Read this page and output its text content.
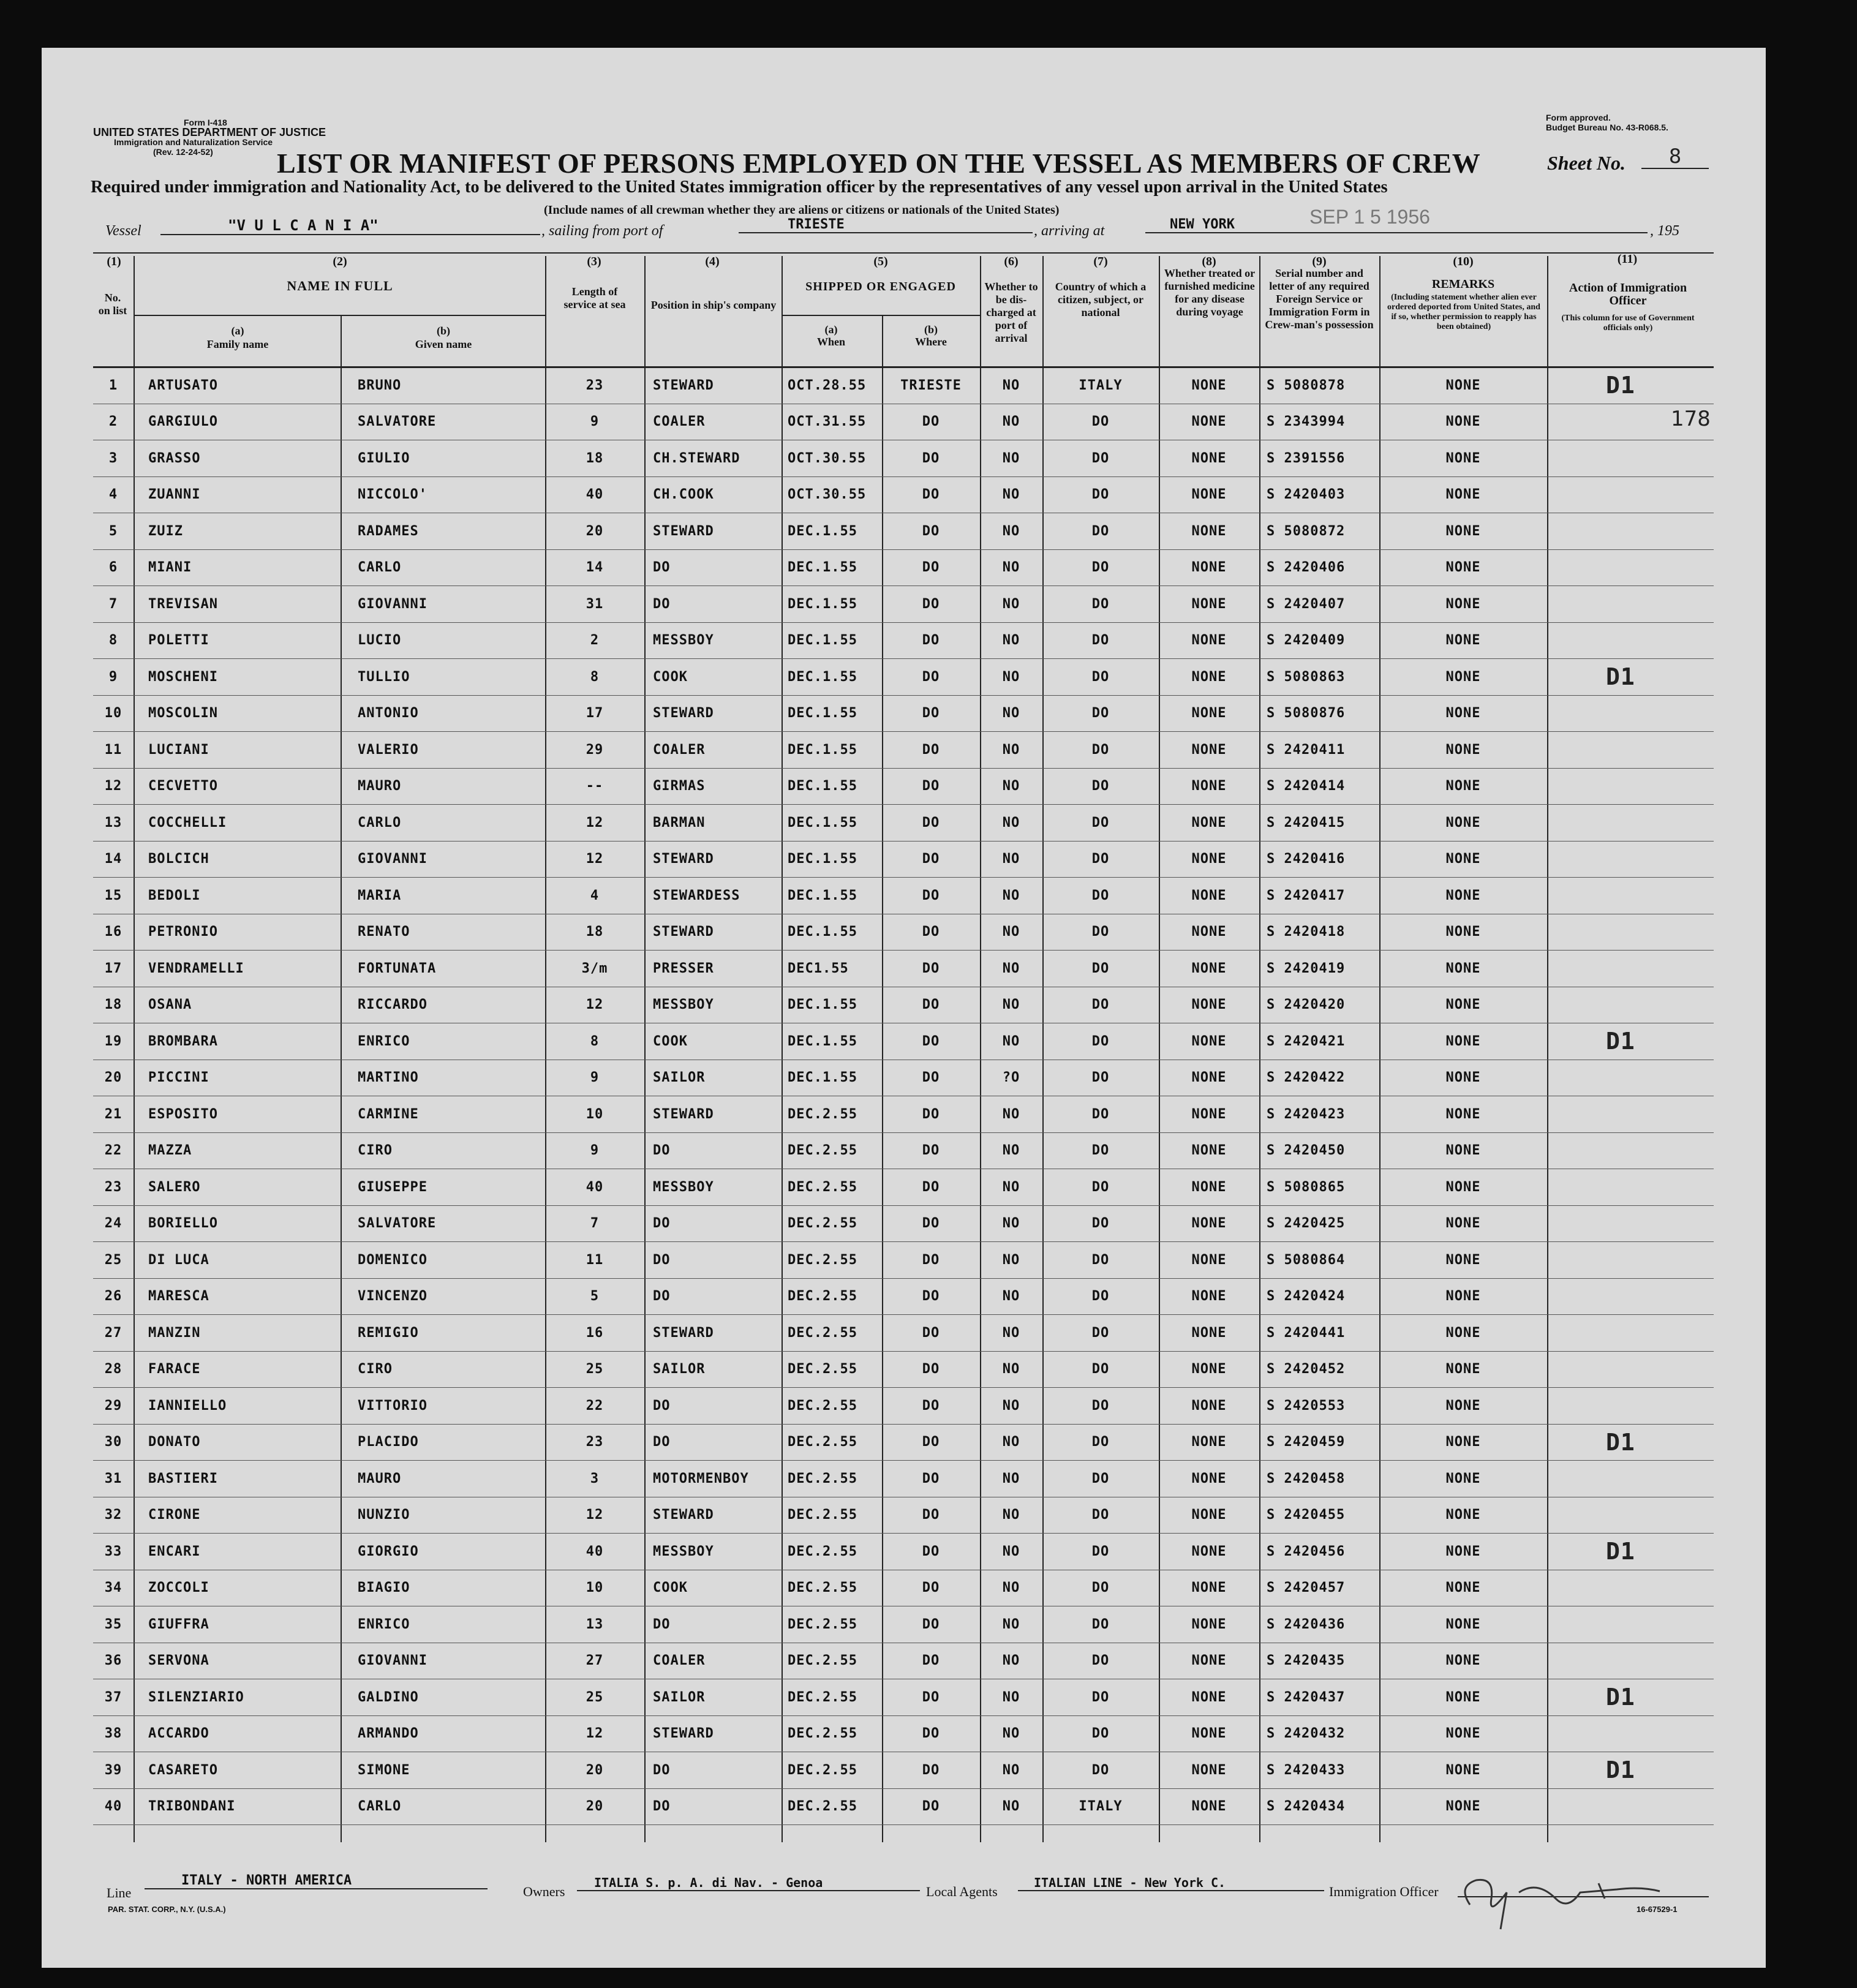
Form I-418
UNITED STATES DEPARTMENT OF JUSTICE
Immigration and Naturalization Service
(Rev. 12-24-52)
Form approved.
Budget Bureau No. 43-R068.5.
LIST OR MANIFEST OF PERSONS EMPLOYED ON THE VESSEL AS MEMBERS OF CREW	Sheet No.	8
Required under immigration and Nationality Act, to be delivered to the United States immigration officer by the representatives of any vessel upon arrival in the United States
(Include names of all crewman whether they are aliens or citizens or nationals of the United States)
Vessel	"V U L C A N I A"	, sailing from port of	TRIESTE	, arriving at	NEW YORK	SEP 1 5 1956
, 195
(1)	(2)	(3)	(4)	(5)	(6)	(7)	(8)	(9)	(10)	(11)
No. on list
NAME IN FULL
(a)
Family name
(b)
Given name
Length of service at sea	Position in ship's company
SHIPPED OR ENGAGED
(a)
When
(b)
Where
Whether to be dis-charged at port of arrival
Country of which a citizen, subject, or national
Whether treated or furnished medicine for any disease during voyage
Serial number and letter of any required Foreign Service or Immigration Form in Crew-man's possession
REMARKS
(Including statement whether alien ever ordered deported from United States, and if so, whether permission to reapply has been obtained)
Action of Immigration Officer
(This column for use of Government officials only)
1	ARTUSATO	BRUNO	23	STEWARD	OCT.28.55	TRIESTE	NO	ITALY	NONE	S 5080878	NONE	D1
2	GARGIULO	SALVATORE	9	COALER	OCT.31.55	DO	NO	DO	NONE	S 2343994	NONE	
3	GRASSO	GIULIO	18	CH.STEWARD	OCT.30.55	DO	NO	DO	NONE	S 2391556	NONE	
4	ZUANNI	NICCOLO'	40	CH.COOK	OCT.30.55	DO	NO	DO	NONE	S 2420403	NONE	
5	ZUIZ	RADAMES	20	STEWARD	DEC.1.55	DO	NO	DO	NONE	S 5080872	NONE	
6	MIANI	CARLO	14	DO	DEC.1.55	DO	NO	DO	NONE	S 2420406	NONE	
7	TREVISAN	GIOVANNI	31	DO	DEC.1.55	DO	NO	DO	NONE	S 2420407	NONE	
8	POLETTI	LUCIO	2	MESSBOY	DEC.1.55	DO	NO	DO	NONE	S 2420409	NONE	
9	MOSCHENI	TULLIO	8	COOK	DEC.1.55	DO	NO	DO	NONE	S 5080863	NONE	D1
10	MOSCOLIN	ANTONIO	17	STEWARD	DEC.1.55	DO	NO	DO	NONE	S 5080876	NONE	
11	LUCIANI	VALERIO	29	COALER	DEC.1.55	DO	NO	DO	NONE	S 2420411	NONE	
12	CECVETTO	MAURO	--	GIRMAS	DEC.1.55	DO	NO	DO	NONE	S 2420414	NONE	
13	COCCHELLI	CARLO	12	BARMAN	DEC.1.55	DO	NO	DO	NONE	S 2420415	NONE	
14	BOLCICH	GIOVANNI	12	STEWARD	DEC.1.55	DO	NO	DO	NONE	S 2420416	NONE	
15	BEDOLI	MARIA	4	STEWARDESS	DEC.1.55	DO	NO	DO	NONE	S 2420417	NONE	
16	PETRONIO	RENATO	18	STEWARD	DEC.1.55	DO	NO	DO	NONE	S 2420418	NONE	
17	VENDRAMELLI	FORTUNATA	3/m	PRESSER	DEC1.55	DO	NO	DO	NONE	S 2420419	NONE	
18	OSANA	RICCARDO	12	MESSBOY	DEC.1.55	DO	NO	DO	NONE	S 2420420	NONE	
19	BROMBARA	ENRICO	8	COOK	DEC.1.55	DO	NO	DO	NONE	S 2420421	NONE	D1
20	PICCINI	MARTINO	9	SAILOR	DEC.1.55	DO	?O	DO	NONE	S 2420422	NONE	
21	ESPOSITO	CARMINE	10	STEWARD	DEC.2.55	DO	NO	DO	NONE	S 2420423	NONE	
22	MAZZA	CIRO	9	DO	DEC.2.55	DO	NO	DO	NONE	S 2420450	NONE	
23	SALERO	GIUSEPPE	40	MESSBOY	DEC.2.55	DO	NO	DO	NONE	S 5080865	NONE	
24	BORIELLO	SALVATORE	7	DO	DEC.2.55	DO	NO	DO	NONE	S 2420425	NONE	
25	DI LUCA	DOMENICO	11	DO	DEC.2.55	DO	NO	DO	NONE	S 5080864	NONE	
26	MARESCA	VINCENZO	5	DO	DEC.2.55	DO	NO	DO	NONE	S 2420424	NONE	
27	MANZIN	REMIGIO	16	STEWARD	DEC.2.55	DO	NO	DO	NONE	S 2420441	NONE	
28	FARACE	CIRO	25	SAILOR	DEC.2.55	DO	NO	DO	NONE	S 2420452	NONE	
29	IANNIELLO	VITTORIO	22	DO	DEC.2.55	DO	NO	DO	NONE	S 2420553	NONE	
30	DONATO	PLACIDO	23	DO	DEC.2.55	DO	NO	DO	NONE	S 2420459	NONE	D1
31	BASTIERI	MAURO	3	MOTORMENBOY	DEC.2.55	DO	NO	DO	NONE	S 2420458	NONE	
32	CIRONE	NUNZIO	12	STEWARD	DEC.2.55	DO	NO	DO	NONE	S 2420455	NONE	
33	ENCARI	GIORGIO	40	MESSBOY	DEC.2.55	DO	NO	DO	NONE	S 2420456	NONE	D1
34	ZOCCOLI	BIAGIO	10	COOK	DEC.2.55	DO	NO	DO	NONE	S 2420457	NONE	
35	GIUFFRA	ENRICO	13	DO	DEC.2.55	DO	NO	DO	NONE	S 2420436	NONE	
36	SERVONA	GIOVANNI	27	COALER	DEC.2.55	DO	NO	DO	NONE	S 2420435	NONE	
37	SILENZIARIO	GALDINO	25	SAILOR	DEC.2.55	DO	NO	DO	NONE	S 2420437	NONE	D1
38	ACCARDO	ARMANDO	12	STEWARD	DEC.2.55	DO	NO	DO	NONE	S 2420432	NONE	
39	CASARETO	SIMONE	20	DO	DEC.2.55	DO	NO	DO	NONE	S 2420433	NONE	D1
40	TRIBONDANI	CARLO	20	DO	DEC.2.55	DO	NO	ITALY	NONE	S 2420434	NONE	
178
Line
ITALY - NORTH AMERICA
Owners
ITALIA S. p. A. di Nav. - Genoa
Local Agents
ITALIAN LINE - New York C.
Immigration Officer
PAR. STAT. CORP., N.Y. (U.S.A.)	16-67529-1
